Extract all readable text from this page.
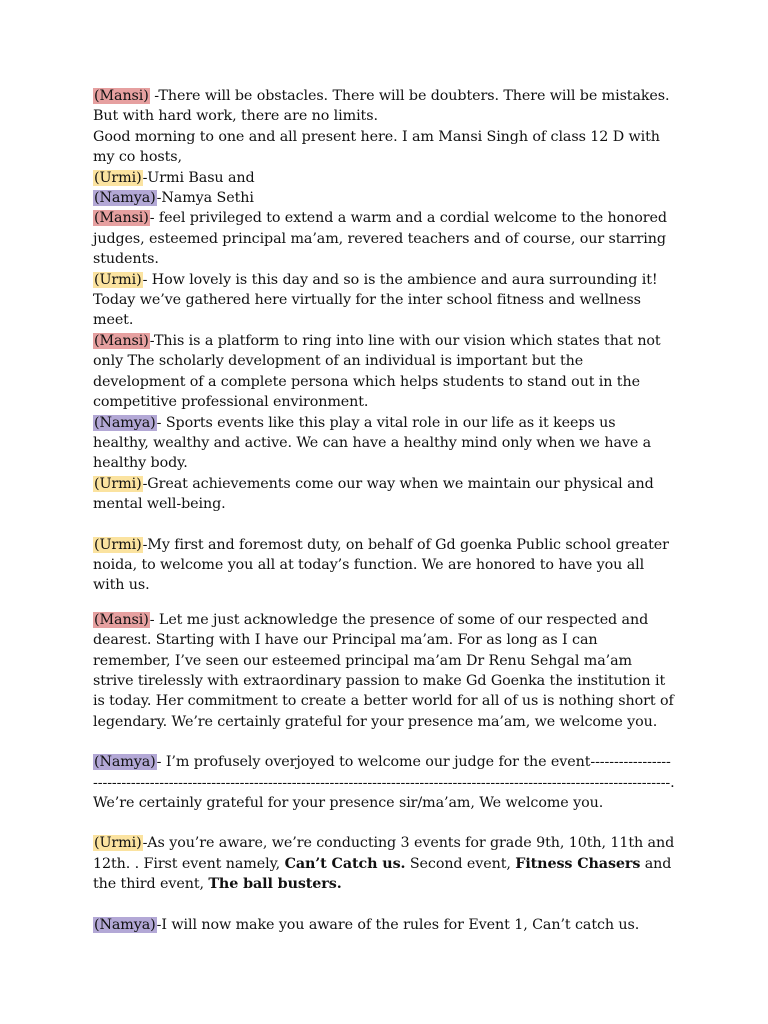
(Mansi) -There will be obstacles. There will be doubters. There will be mistakes. But with hard work, there are no limits.

Good morning to one and all present here. I am Mansi Singh of class 12 D with my co hosts,

(Urmi)-Urmi Basu and

(Namya)-Namya Sethi

(Mansi)- feel privileged to extend a warm and a cordial welcome to the honored judges, esteemed principal ma’am, revered teachers and of course, our starring students.

(Urmi)- How lovely is this day and so is the ambience and aura surrounding it! Today we’ve gathered here virtually for the inter school fitness and wellness meet.

(Mansi)-This is a platform to ring into line with our vision which states that not only The scholarly development of an individual is important but the development of a complete persona which helps students to stand out in the competitive professional environment.

(Namya)- Sports events like this play a vital role in our life as it keeps us healthy, wealthy and active. We can have a healthy mind only when we have a healthy body.

(Urmi)-Great achievements come our way when we maintain our physical and mental well-being.

(Urmi)-My first and foremost duty, on behalf of Gd goenka Public school greater noida, to welcome you all at today’s function. We are honored to have you all with us.

(Mansi)- Let me just acknowledge the presence of some of our respected and dearest. Starting with I have our Principal ma’am. For as long as I can remember, I’ve seen our esteemed principal ma’am Dr Renu Sehgal ma’am strive tirelessly with extraordinary passion to make Gd Goenka the institution it is today. Her commitment to create a better world for all of us is nothing short of legendary. We’re certainly grateful for your presence ma’am, we welcome you.

(Namya)- I’m profusely overjoyed to welcome our judge for the event-------------------------------------------------------------------------------------------------------------------------------------------. We’re certainly grateful for your presence sir/ma’am, We welcome you.

(Urmi)-As you’re aware, we’re conducting 3 events for grade 9th, 10th, 11th and 12th. . First event namely, Can’t Catch us. Second event, Fitness Chasers and the third event, The ball busters.

(Namya)-I will now make you aware of the rules for Event 1, Can’t catch us.
